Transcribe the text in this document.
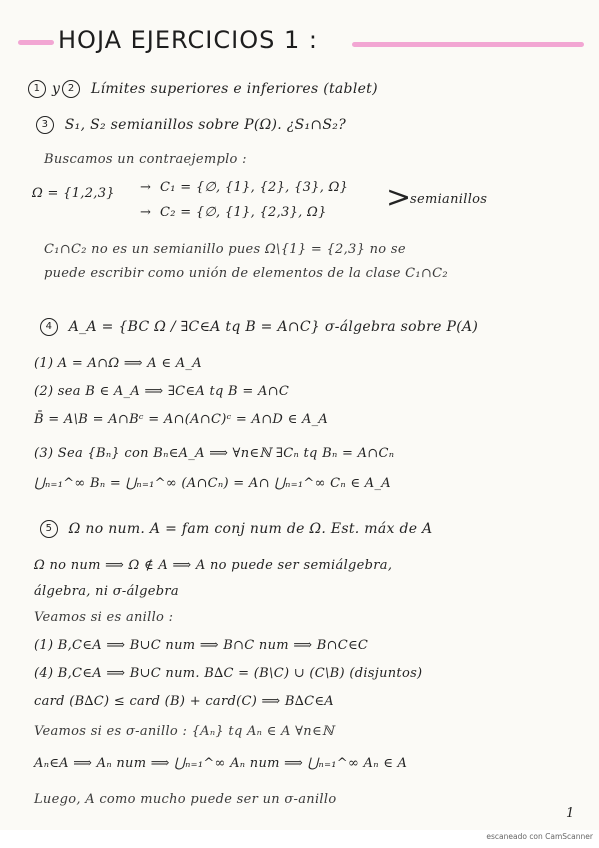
HOJA EJERCICIOS 1 :
1 y 2 Límites superiores e inferiores (tablet)
3 S₁, S₂ semianillos sobre P(Ω). ¿S₁∩S₂?
Buscamos un contraejemplo :
Ω = {1,2,3}	C₁ = {∅, {1}, {2}, {3}, Ω}
C₂ = {∅, {1}, {2,3}, Ω}
→
→	>
semianillos
C₁∩C₂ no es un semianillo pues Ω\{1} = {2,3} no se
puede escribir como unión de elementos de la clase C₁∩C₂
4 A_A = {BC Ω / ∃C∈A tq B = A∩C} σ-álgebra sobre P(A)
(1) A = A∩Ω ⟹ A ∈ A_A
(2) sea B ∈ A_A ⟹ ∃C∈A tq B = A∩C
B̄ = A\B = A∩Bᶜ = A∩(A∩C)ᶜ = A∩D ∈ A_A
(3) Sea {Bₙ} con Bₙ∈A_A ⟹ ∀n∈ℕ ∃Cₙ tq Bₙ = A∩Cₙ
⋃ₙ₌₁^∞ Bₙ = ⋃ₙ₌₁^∞ (A∩Cₙ) = A∩ ⋃ₙ₌₁^∞ Cₙ ∈ A_A
5 Ω no num. A = fam conj num de Ω. Est. máx de A
Ω no num ⟹ Ω ∉ A ⟹ A no puede ser semiálgebra,
álgebra, ni σ-álgebra
Veamos si es anillo :
(1) B,C∈A ⟹ B∪C num ⟹ B∩C num ⟹ B∩C∈C
(4) B,C∈A ⟹ B∪C num. B∆C = (B\C) ∪ (C\B) (disjuntos)
card (B∆C) ≤ card (B) + card(C) ⟹ B∆C∈A
Veamos si es σ-anillo : {Aₙ} tq Aₙ ∈ A ∀n∈ℕ
Aₙ∈A ⟹ Aₙ num ⟹ ⋃ₙ₌₁^∞ Aₙ num ⟹ ⋃ₙ₌₁^∞ Aₙ ∈ A
Luego, A como mucho puede ser un σ-anillo
1
escaneado con CamScanner
